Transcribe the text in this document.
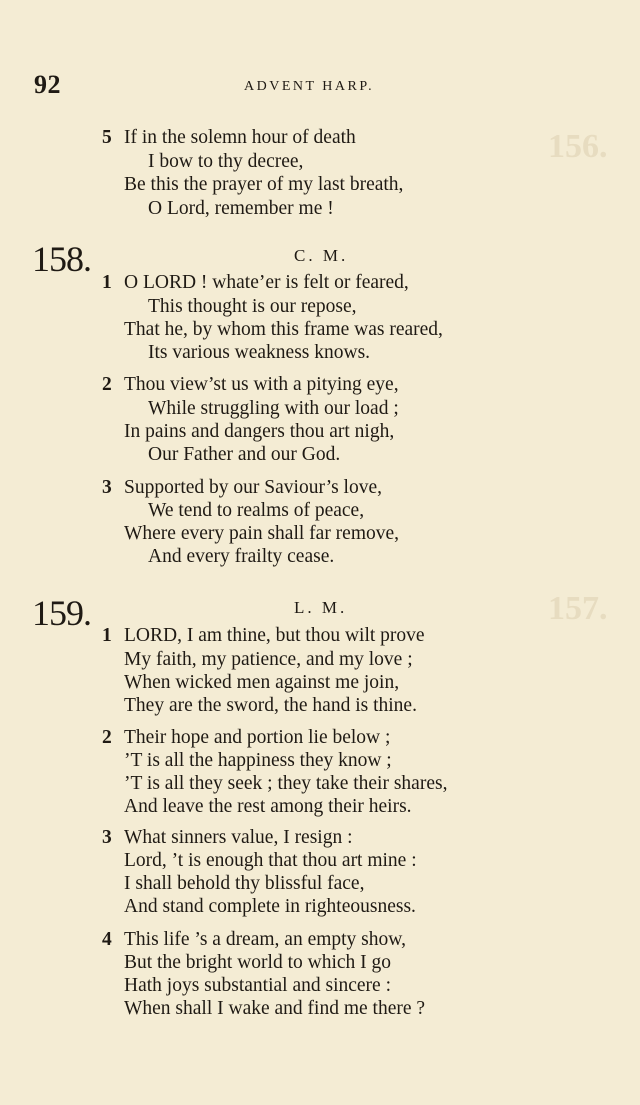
156.
157.
92	ADVENT HARP.
5 If in the solemn hour of death
I bow to thy decree,
Be this the prayer of my last breath,
O Lord, remember me !
158.	C. M.
1 O LORD ! whate’er is felt or feared,
This thought is our repose,
That he, by whom this frame was reared,
Its various weakness knows.
2 Thou view’st us with a pitying eye,
While struggling with our load ;
In pains and dangers thou art nigh,
Our Father and our God.
3 Supported by our Saviour’s love,
We tend to realms of peace,
Where every pain shall far remove,
And every frailty cease.
159.	L. M.
1 LORD, I am thine, but thou wilt prove
My faith, my patience, and my love ;
When wicked men against me join,
They are the sword, the hand is thine.
2 Their hope and portion lie below ;
’T is all the happiness they know ;
’T is all they seek ; they take their shares,
And leave the rest among their heirs.
3 What sinners value, I resign :
Lord, ’t is enough that thou art mine :
I shall behold thy blissful face,
And stand complete in righteousness.
4 This life ’s a dream, an empty show,
But the bright world to which I go
Hath joys substantial and sincere :
When shall I wake and find me there ?
